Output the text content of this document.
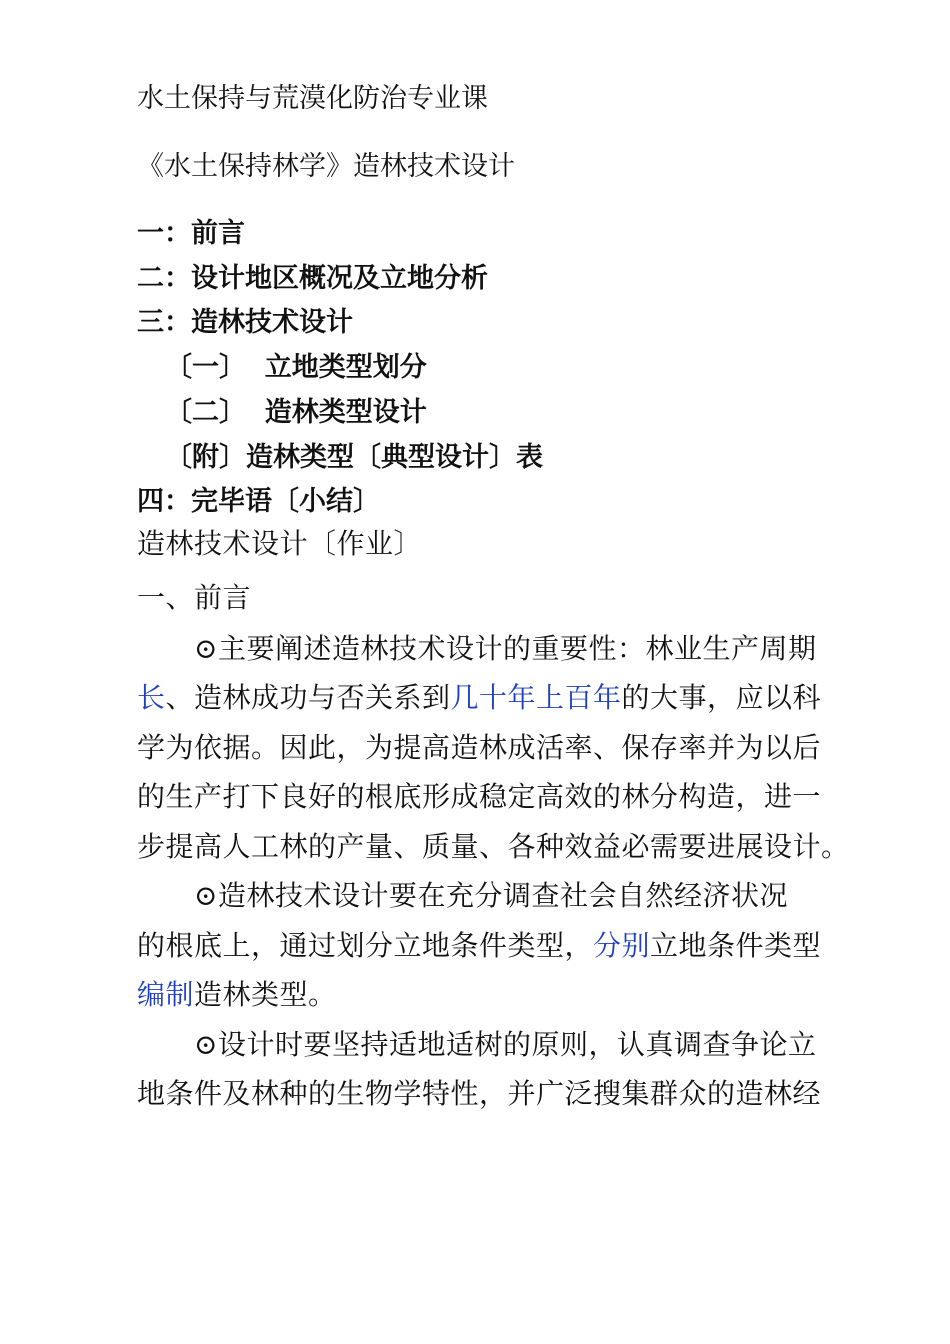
水土保持与荒漠化防治专业课
《水土保持林学》造林技术设计
一：前言
二：设计地区概况及立地分析
三：造林技术设计
〔一〕  立地类型划分
〔二〕  造林类型设计
〔附〕造林类型〔典型设计〕表
四：完毕语〔小结〕
造林技术设计〔作业〕
一、前言
⊙主要阐述造林技术设计的重要性：林业生产周期
长、造林成功与否关系到几十年上百年的大事，应以科
学为依据。因此，为提高造林成活率、保存率并为以后
的生产打下良好的根底形成稳定高效的林分构造，进一
步提高人工林的产量、质量、各种效益必需要进展设计。
⊙造林技术设计要在充分调查社会自然经济状况
的根底上，通过划分立地条件类型，分别立地条件类型
编制造林类型。
⊙设计时要坚持适地适树的原则，认真调查争论立
地条件及林种的生物学特性，并广泛搜集群众的造林经
